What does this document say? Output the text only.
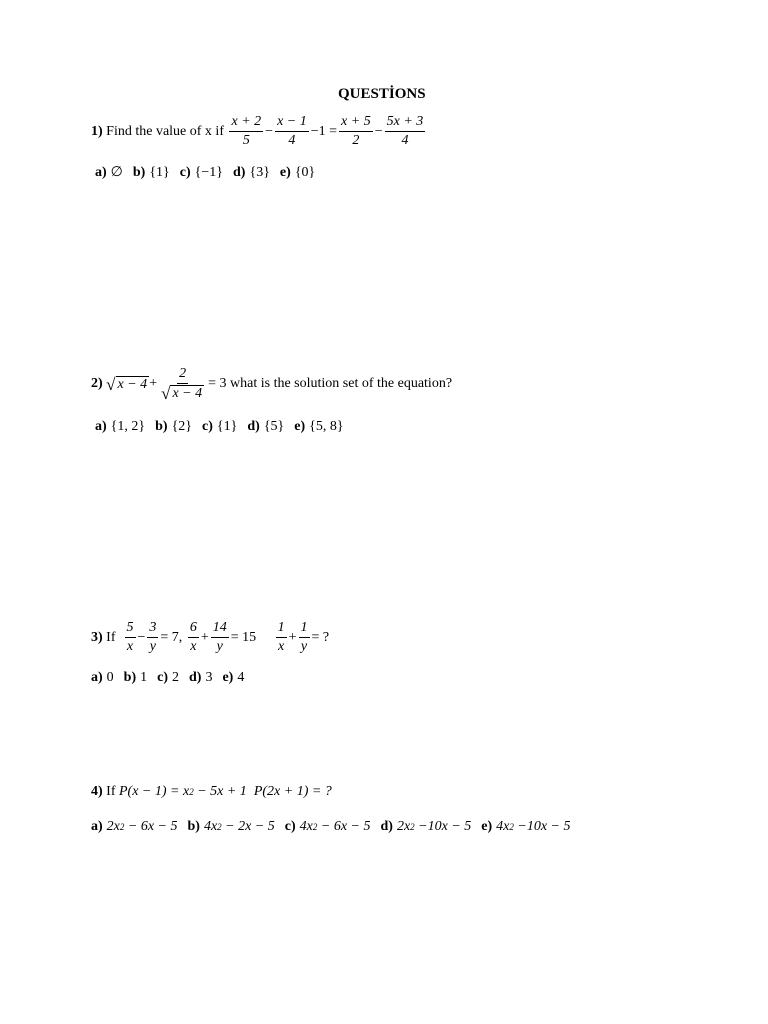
QUESTİONS
1)
Find the value of x if
$\frac{x + 2}{5} - \frac{x - 1}{4} -1 = \frac{x + 5}{2} - \frac{5x + 3}{4}$
a) ∅ b) {1} c) {−1} d) {3} e) {0}
2)
√ $x - 4 + \frac{2}{√ x - 4} = 3$
what is the solution set of the equation?
a) {1, 2} b) {2} c) {1} d) {5} e) {5, 8}
3)
If
$\frac{5}{x} - \frac{3}{y} = 7$,
$\frac{6}{x} + \frac{14}{y} = 15$
$\frac{1}{x} + \frac{1}{y}$ = ?
a) 0 b) 1 c) 2 d) 3 e) 4
4)
If
P(x − 1) = x 2
− 5x + 1
P(2x + 1) = ?
a) 2x 2
− 6x − 5 b) 4x 2
− 2x − 5 c) 4x 2
− 6x − 5 d) 2x 2
−10x − 5 e) 4x 2
−10x − 5
